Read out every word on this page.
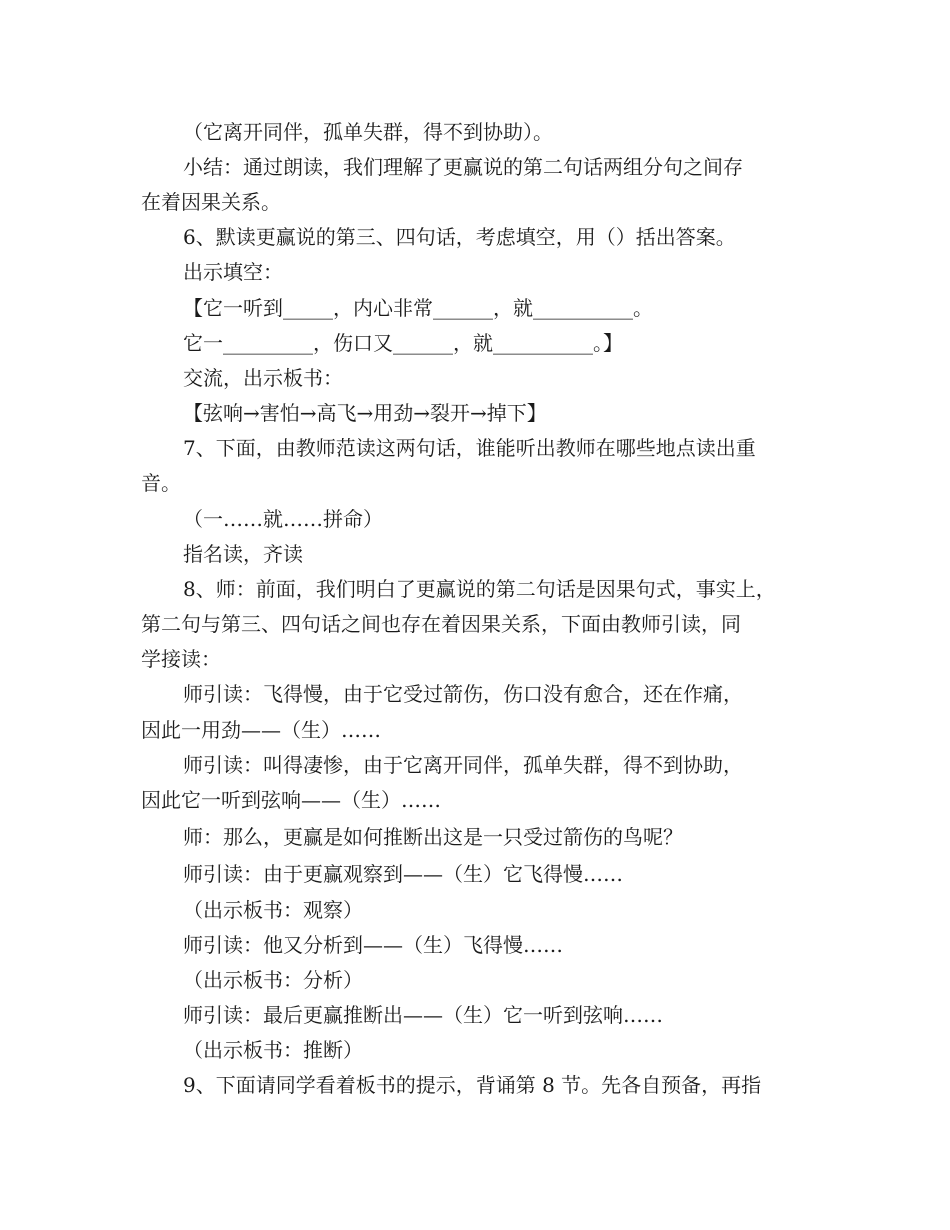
（它离开同伴，孤单失群，得不到协助）。
小结：通过朗读，我们理解了更赢说的第二句话两组分句之间存
在着因果关系。
6、默读更赢说的第三、四句话，考虑填空，用（）括出答案。
出示填空：
【它一听到_____，内心非常______，就__________。
它一_________，伤口又______，就__________。】
交流，出示板书：
【弦响→害怕→高飞→用劲→裂开→掉下】
7、下面，由教师范读这两句话，谁能听出教师在哪些地点读出重
音。
（一……就……拼命）
指名读，齐读
8、师：前面，我们明白了更赢说的第二句话是因果句式，事实上，
第二句与第三、四句话之间也存在着因果关系，下面由教师引读，同
学接读：
师引读：飞得慢，由于它受过箭伤，伤口没有愈合，还在作痛，
因此一用劲——（生）……
师引读：叫得凄惨，由于它离开同伴，孤单失群，得不到协助，
因此它一听到弦响——（生）……
师：那么，更赢是如何推断出这是一只受过箭伤的鸟呢？
师引读：由于更赢观察到——（生）它飞得慢……
（出示板书：观察）
师引读：他又分析到——（生）飞得慢……
（出示板书：分析）
师引读：最后更赢推断出——（生）它一听到弦响……
（出示板书：推断）
9、下面请同学看着板书的提示，背诵第 8 节。先各自预备，再指
